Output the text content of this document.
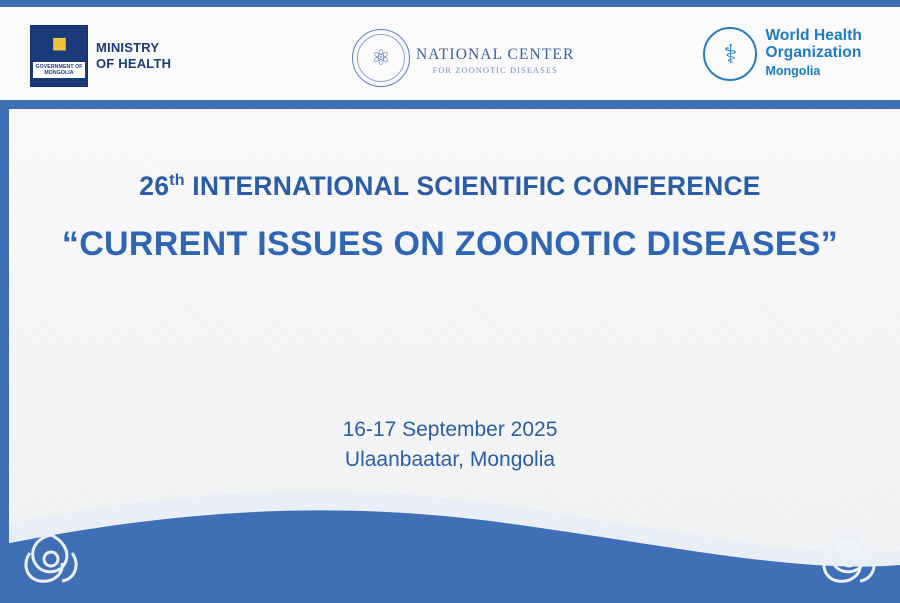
■
GOVERNMENT OF MONGOLIA
MINISTRY
OF HEALTH	⚛ NATIONAL CENTER
FOR ZOONOTIC DISEASES
⚕
World Health
Organization
Mongolia
26th INTERNATIONAL SCIENTIFIC CONFERENCE
“CURRENT ISSUES ON ZOONOTIC DISEASES”
16-17 September 2025
Ulaanbaatar, Mongolia
